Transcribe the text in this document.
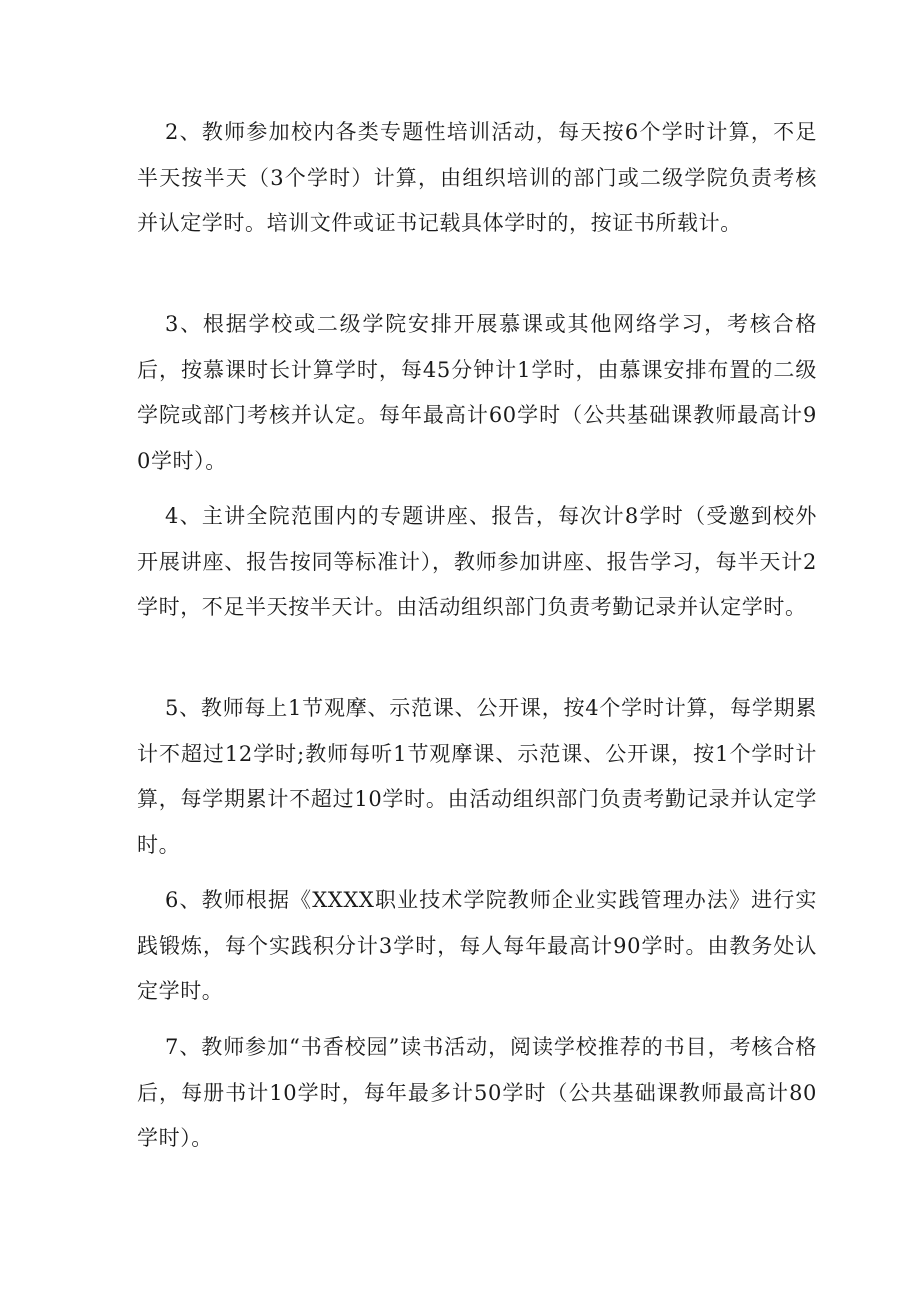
2、教师参加校内各类专题性培训活动，每天按6个学时计算，不足半天按半天（3个学时）计算，由组织培训的部门或二级学院负责考核并认定学时。培训文件或证书记载具体学时的，按证书所载计。

3、根据学校或二级学院安排开展慕课或其他网络学习，考核合格后，按慕课时长计算学时，每45分钟计1学时，由慕课安排布置的二级学院或部门考核并认定。每年最高计60学时（公共基础课教师最高计90学时）。

4、主讲全院范围内的专题讲座、报告，每次计8学时（受邀到校外开展讲座、报告按同等标准计），教师参加讲座、报告学习，每半天计2学时，不足半天按半天计。由活动组织部门负责考勤记录并认定学时。

5、教师每上1节观摩、示范课、公开课，按4个学时计算，每学期累计不超过12学时;教师每听1节观摩课、示范课、公开课，按1个学时计算，每学期累计不超过10学时。由活动组织部门负责考勤记录并认定学时。

6、教师根据《XXXX职业技术学院教师企业实践管理办法》进行实践锻炼，每个实践积分计3学时，每人每年最高计90学时。由教务处认定学时。

7、教师参加“书香校园”读书活动，阅读学校推荐的书目，考核合格后，每册书计10学时，每年最多计50学时（公共基础课教师最高计80学时）。
